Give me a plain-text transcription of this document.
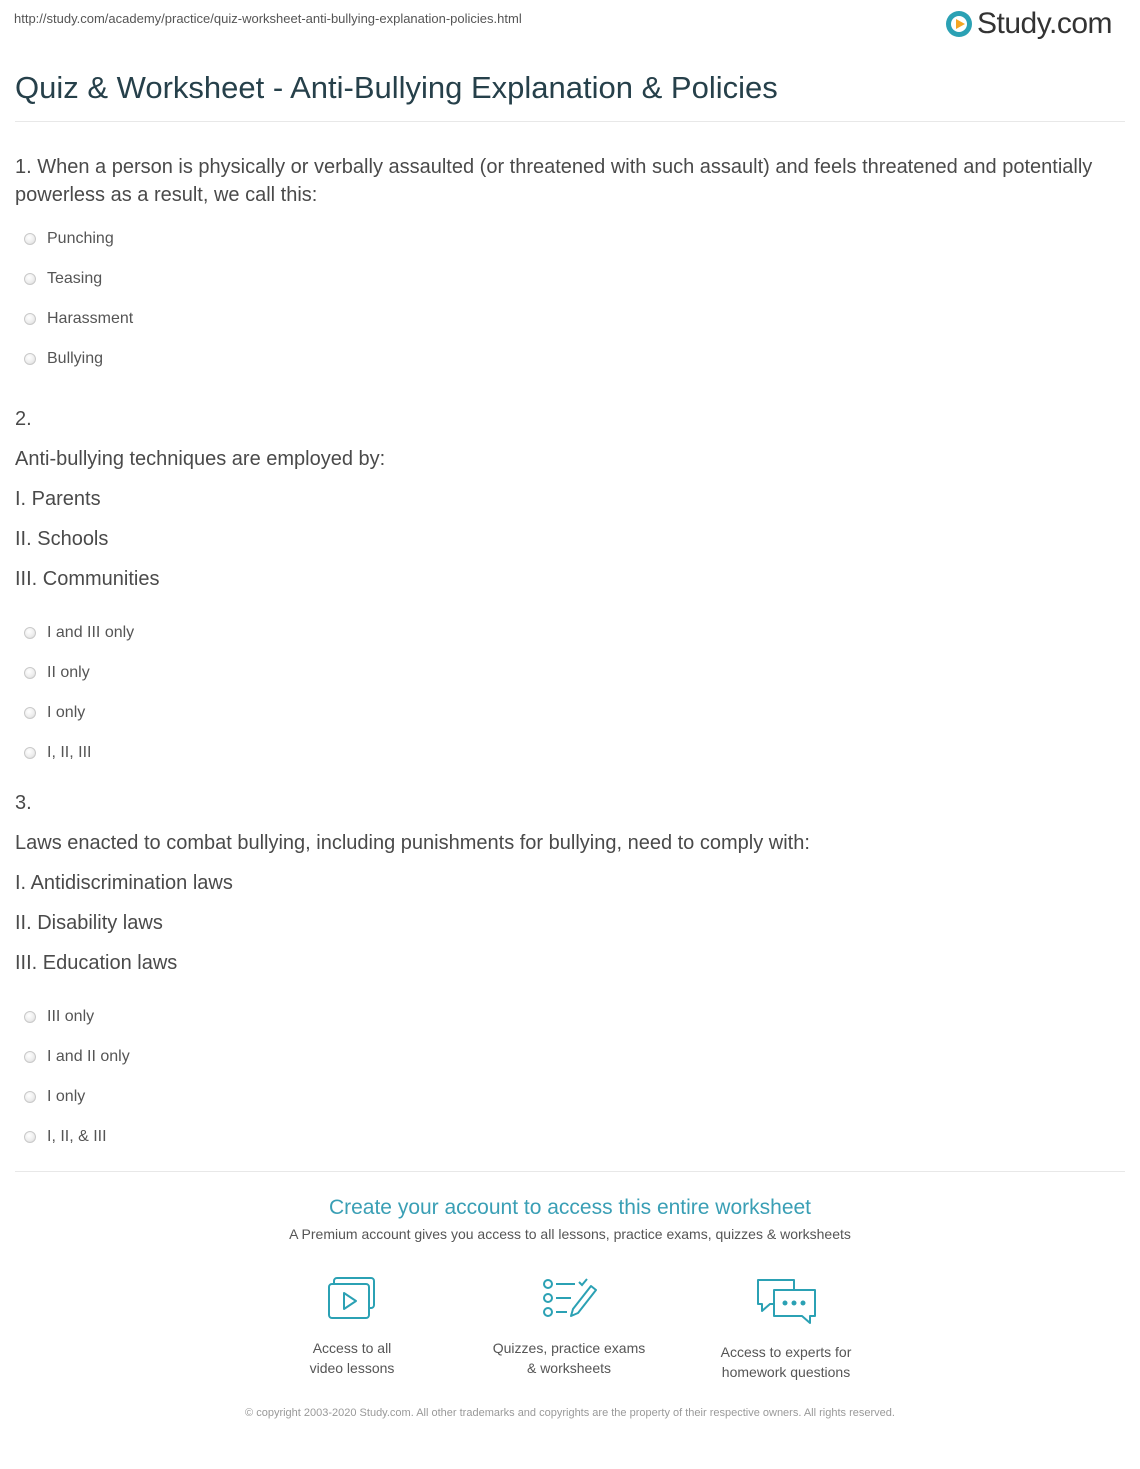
http://study.com/academy/practice/quiz-worksheet-anti-bullying-explanation-policies.html	Study.com
Quiz & Worksheet - Anti-Bullying Explanation & Policies
1. When a person is physically or verbally assaulted (or threatened with such assault) and feels threatened and potentially powerless as a result, we call this:
Punching
Teasing
Harassment
Bullying
2.
Anti-bullying techniques are employed by:
I. Parents
II. Schools
III. Communities
I and III only
II only
I only
I, II, III
3.
Laws enacted to combat bullying, including punishments for bullying, need to comply with:
I. Antidiscrimination laws
II. Disability laws
III. Education laws
III only
I and II only
I only
I, II, & III
Create your account to access this entire worksheet
A Premium account gives you access to all lessons, practice exams, quizzes & worksheets
Access to all
video lessons
Quizzes, practice exams
& worksheets
Access to experts for
homework questions
© copyright 2003-2020 Study.com. All other trademarks and copyrights are the property of their respective owners. All rights reserved.
